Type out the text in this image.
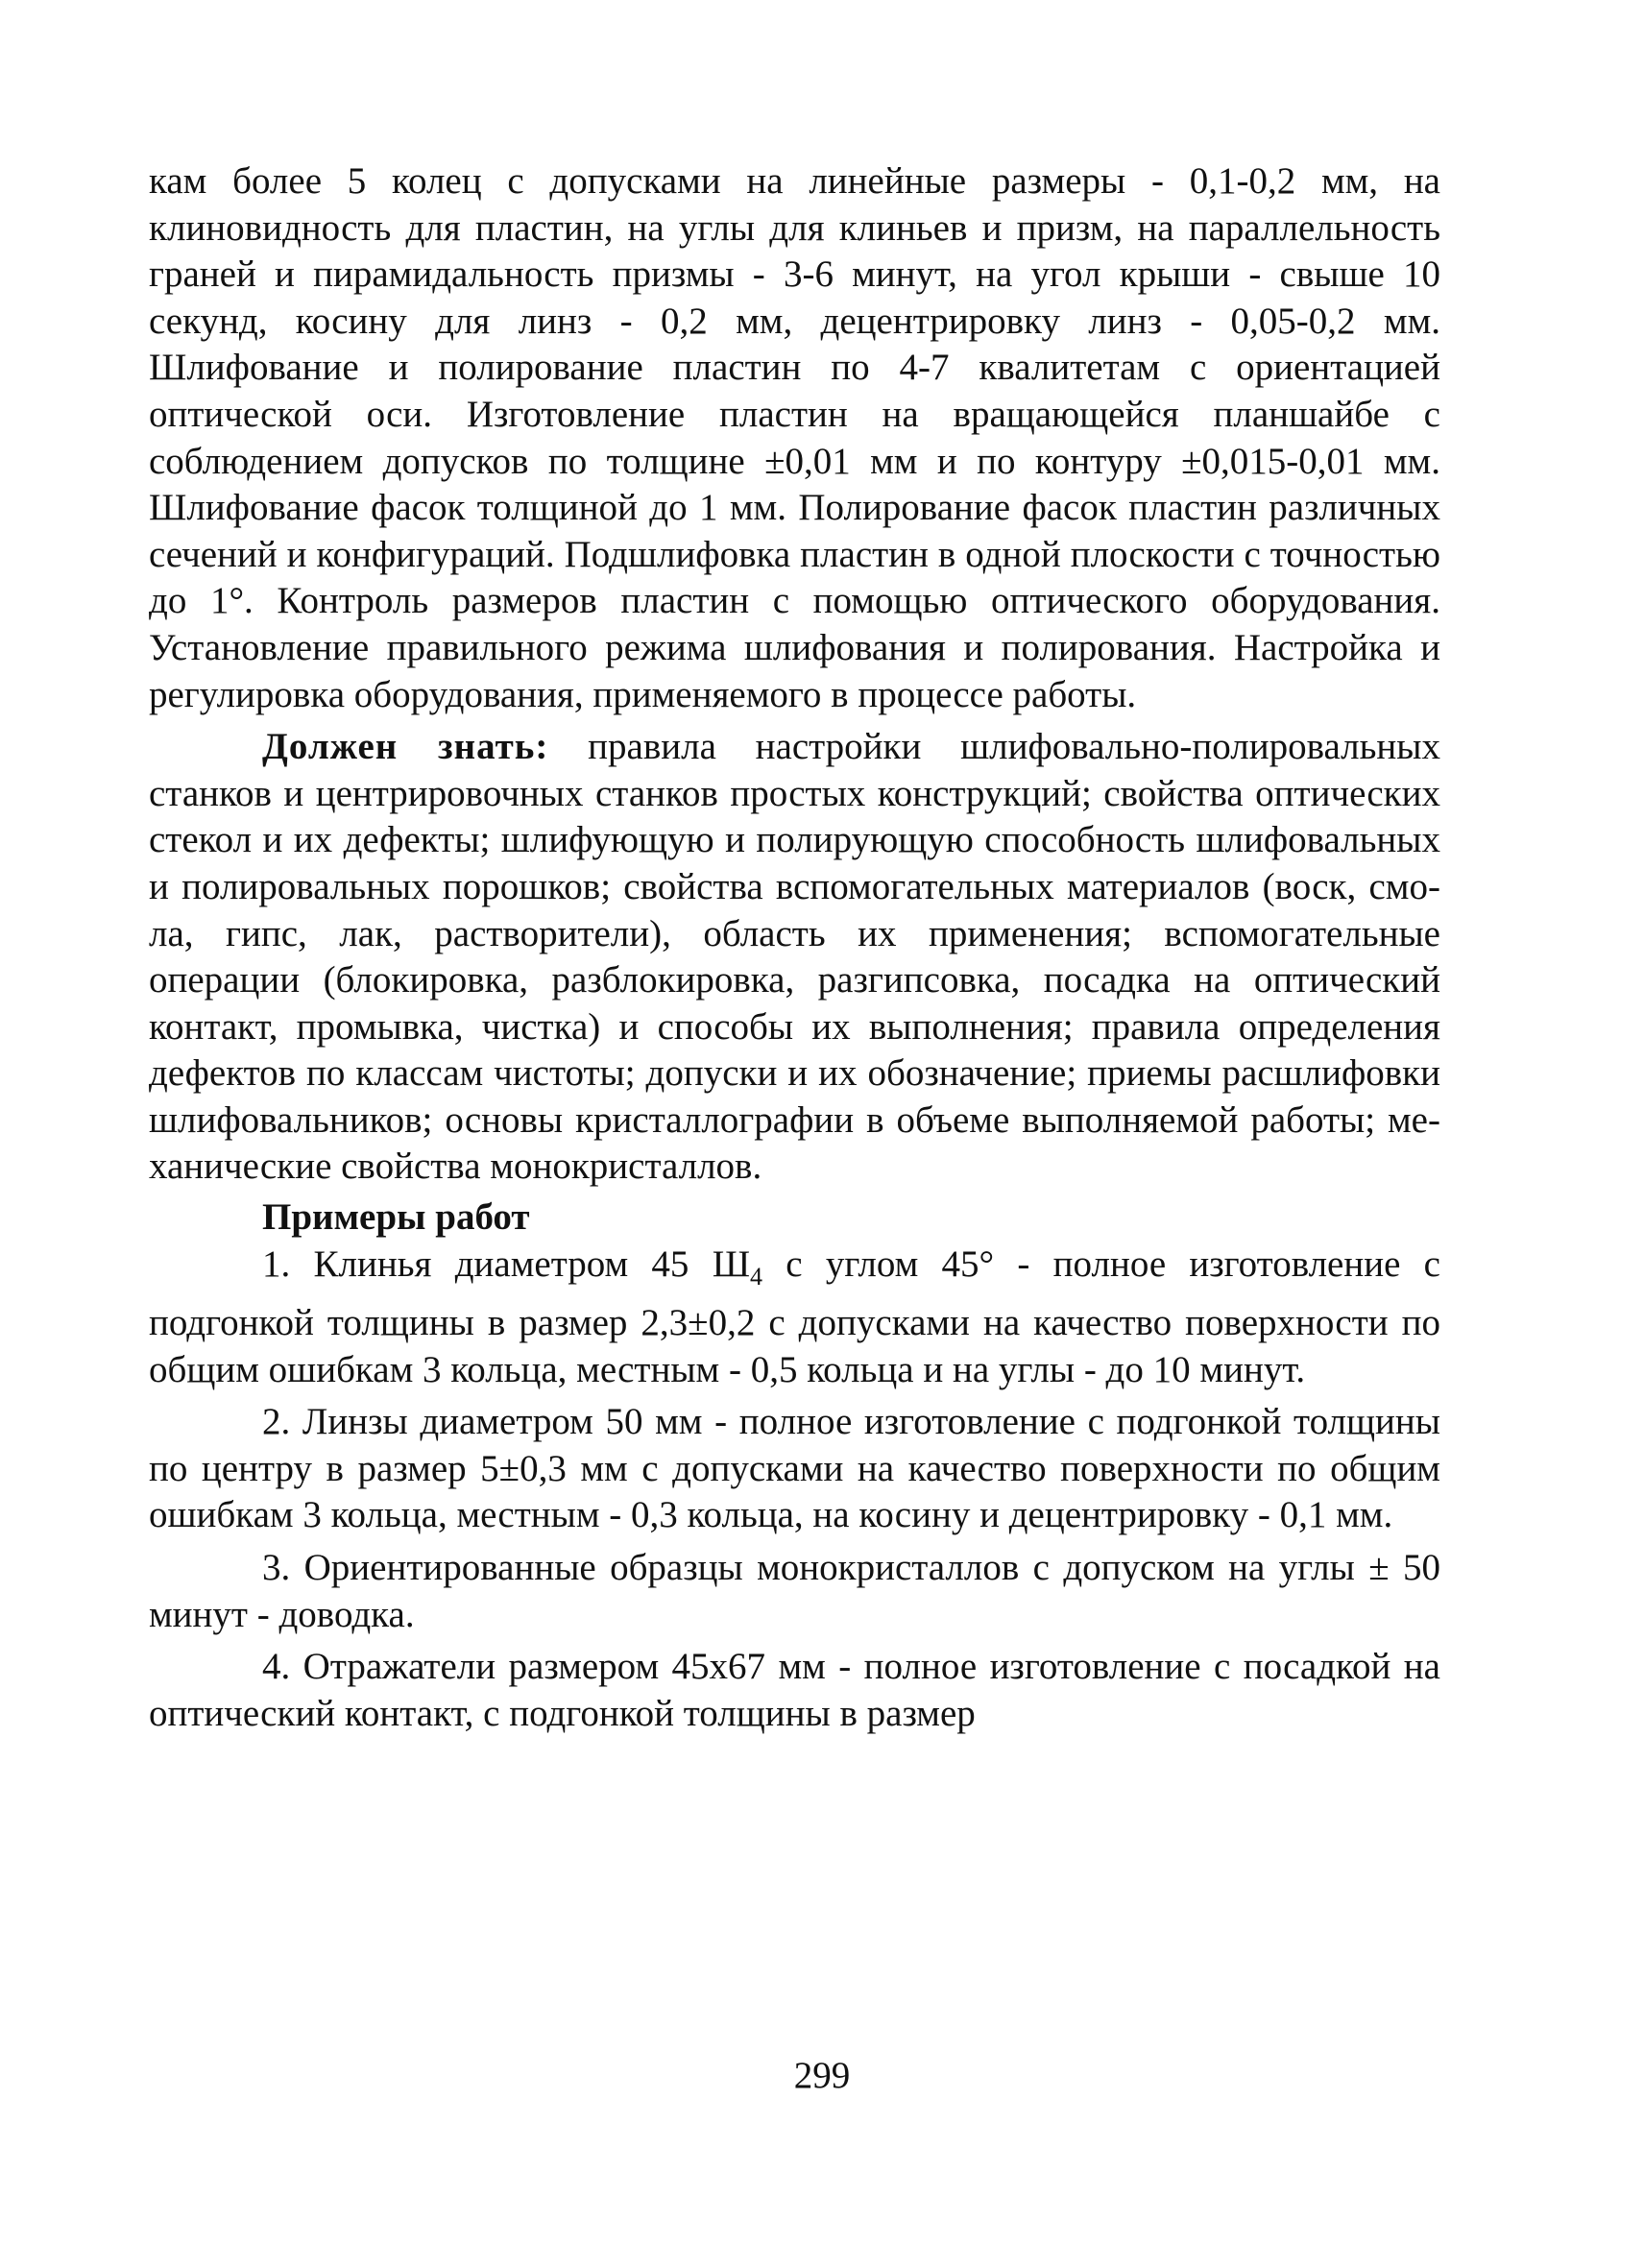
кам более 5 колец с допусками на линейные размеры - 0,1-0,2 мм, на клиновидность для пластин, на углы для клиньев и призм, на параллельность граней и пирамидальность призмы - 3-6 минут, на угол крыши - свыше 10 секунд, косину для линз - 0,2 мм, децентрировку линз - 0,05-0,2 мм. Шлифование и полирование пластин по 4-7 квалитетам с ориентацией оптической оси. Изготовление пластин на вращающейся планшайбе с соблюдением допусков по толщине ±0,01 мм и по контуру ±0,015-0,01 мм. Шлифование фасок толщиной до 1 мм. Полирование фасок пластин различных сечений и конфигураций. Подшлифовка пластин в одной плоскости с точностью до 1°. Контроль размеров пластин с помощью оптического оборудования. Установление правильного режима шлифования и полирования. Настройка и регулировка оборудования, применяемого в процессе работы.

Должен знать: правила настройки шлифовально-полировальных станков и центрировочных станков простых конструкций; свойства оптических стекол и их дефекты; шлифующую и полирующую способность шлифовальных и полировальных порошков; свойства вспомогательных материалов (воск, смола, гипс, лак, растворители), область их применения; вспомогательные операции (блокировка, разблокировка, разгипсовка, посадка на оптический контакт, промывка, чистка) и способы их выполнения; правила определения дефектов по классам чистоты; допуски и их обозначение; приемы расшлифовки шлифовальников; основы кристаллографии в объеме выполняемой работы; механические свойства монокристаллов.

Примеры работ

1. Клинья диаметром 45 $Ш_4$ с углом 45° - полное изготовление с подгонкой толщины в размер 2,3±0,2 с допусками на качество поверхности по общим ошибкам 3 кольца, местным - 0,5 кольца и на углы - до 10 минут.

2. Линзы диаметром 50 мм - полное изготовление с подгонкой толщины по центру в размер 5±0,3 мм с допусками на качество поверхности по общим ошибкам 3 кольца, местным - 0,3 кольца, на косину и децентрировку - 0,1 мм.

3. Ориентированные образцы монокристаллов с допуском на углы ± 50 минут - доводка.

4. Отражатели размером 45х67 мм - полное изготовление с посадкой на оптический контакт, с подгонкой толщины в размер

299
